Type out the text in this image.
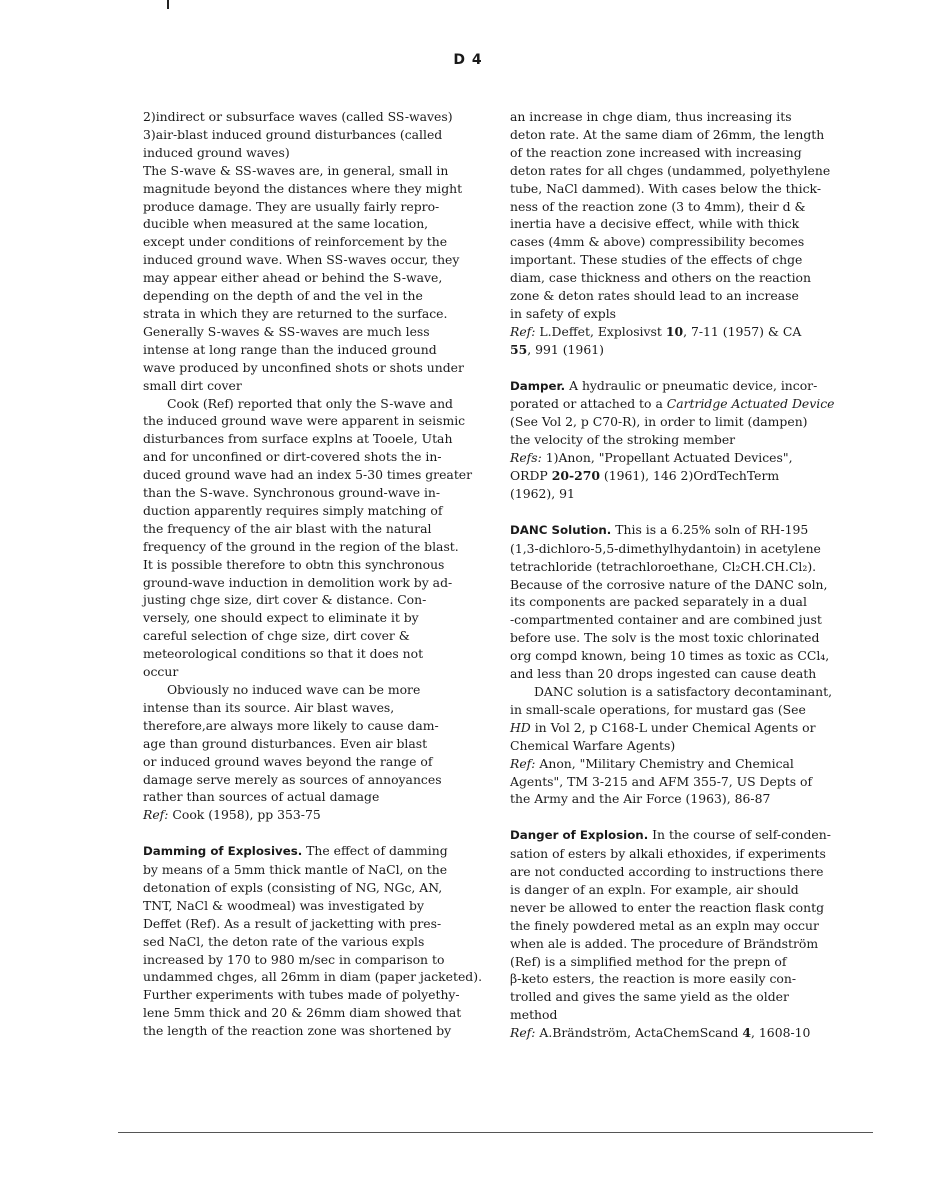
D 4
2)indirect or subsurface waves (called SS-waves)
3)air-blast induced ground disturbances (called
induced ground waves)
The S-wave & SS-waves are, in general, small in
magnitude beyond the distances where they might
produce damage. They are usually fairly repro-
ducible when measured at the same location,
except under conditions of reinforcement by the
induced ground wave. When SS-waves occur, they
may appear either ahead or behind the S-wave,
depending on the depth of and the vel in the
strata in which they are returned to the surface.
Generally S-waves & SS-waves are much less
intense at long range than the induced ground
wave produced by unconfined shots or shots under
small dirt cover
Cook (Ref) reported that only the S-wave and
the induced ground wave were apparent in seismic
disturbances from surface explns at Tooele, Utah
and for unconfined or dirt-covered shots the in-
duced ground wave had an index 5-30 times greater
than the S-wave. Synchronous ground-wave in-
duction apparently requires simply matching of
the frequency of the air blast with the natural
frequency of the ground in the region of the blast.
It is possible therefore to obtn this synchronous
ground-wave induction in demolition work by ad-
justing chge size, dirt cover & distance. Con-
versely, one should expect to eliminate it by
careful selection of chge size, dirt cover &
meteorological conditions so that it does not
occur
Obviously no induced wave can be more
intense than its source. Air blast waves,
therefore,are always more likely to cause dam-
age than ground disturbances. Even air blast
or induced ground waves beyond the range of
damage serve merely as sources of annoyances
rather than sources of actual damage
Ref: Cook (1958), pp 353-75
Damming of Explosives. The effect of damming
by means of a 5mm thick mantle of NaCl, on the
detonation of expls (consisting of NG, NGc, AN,
TNT, NaCl & woodmeal) was investigated by
Deffet (Ref). As a result of jacketting with pres-
sed NaCl, the deton rate of the various expls
increased by 170 to 980 m/sec in comparison to
undammed chges, all 26mm in diam (paper jacketed).
Further experiments with tubes made of polyethy-
lene 5mm thick and 20 & 26mm diam showed that
the length of the reaction zone was shortened by
an increase in chge diam, thus increasing its
deton rate. At the same diam of 26mm, the length
of the reaction zone increased with increasing
deton rates for all chges (undammed, polyethylene
tube, NaCl dammed). With cases below the thick-
ness of the reaction zone (3 to 4mm), their d &
inertia have a decisive effect, while with thick
cases (4mm & above) compressibility becomes
important. These studies of the effects of chge
diam, case thickness and others on the reaction
zone & deton rates should lead to an increase
in safety of expls
Ref: L.Deffet, Explosivst 10, 7-11 (1957) & CA
55, 991 (1961)
Damper. A hydraulic or pneumatic device, incor-
porated or attached to a Cartridge Actuated Device
(See Vol 2, p C70-R), in order to limit (dampen)
the velocity of the stroking member
Refs: 1)Anon, "Propellant Actuated Devices",
ORDP 20-270 (1961), 146 2)OrdTechTerm
(1962), 91
DANC Solution. This is a 6.25% soln of RH-195
(1,3-dichloro-5,5-dimethylhydantoin) in acetylene
tetrachloride (tetrachloroethane, Cl₂CH.CH.Cl₂).
Because of the corrosive nature of the DANC soln,
its components are packed separately in a dual
-compartmented container and are combined just
before use. The solv is the most toxic chlorinated
org compd known, being 10 times as toxic as CCl₄,
and less than 20 drops ingested can cause death
DANC solution is a satisfactory decontaminant,
in small-scale operations, for mustard gas (See
HD in Vol 2, p C168-L under Chemical Agents or
Chemical Warfare Agents)
Ref: Anon, "Military Chemistry and Chemical
Agents", TM 3-215 and AFM 355-7, US Depts of
the Army and the Air Force (1963), 86-87
Danger of Explosion. In the course of self-conden-
sation of esters by alkali ethoxides, if experiments
are not conducted according to instructions there
is danger of an expln. For example, air should
never be allowed to enter the reaction flask contg
the finely powdered metal as an expln may occur
when ale is added. The procedure of Brändström
(Ref) is a simplified method for the prepn of
β-keto esters, the reaction is more easily con-
trolled and gives the same yield as the older
method
Ref: A.Brändström, ActaChemScand 4, 1608-10
